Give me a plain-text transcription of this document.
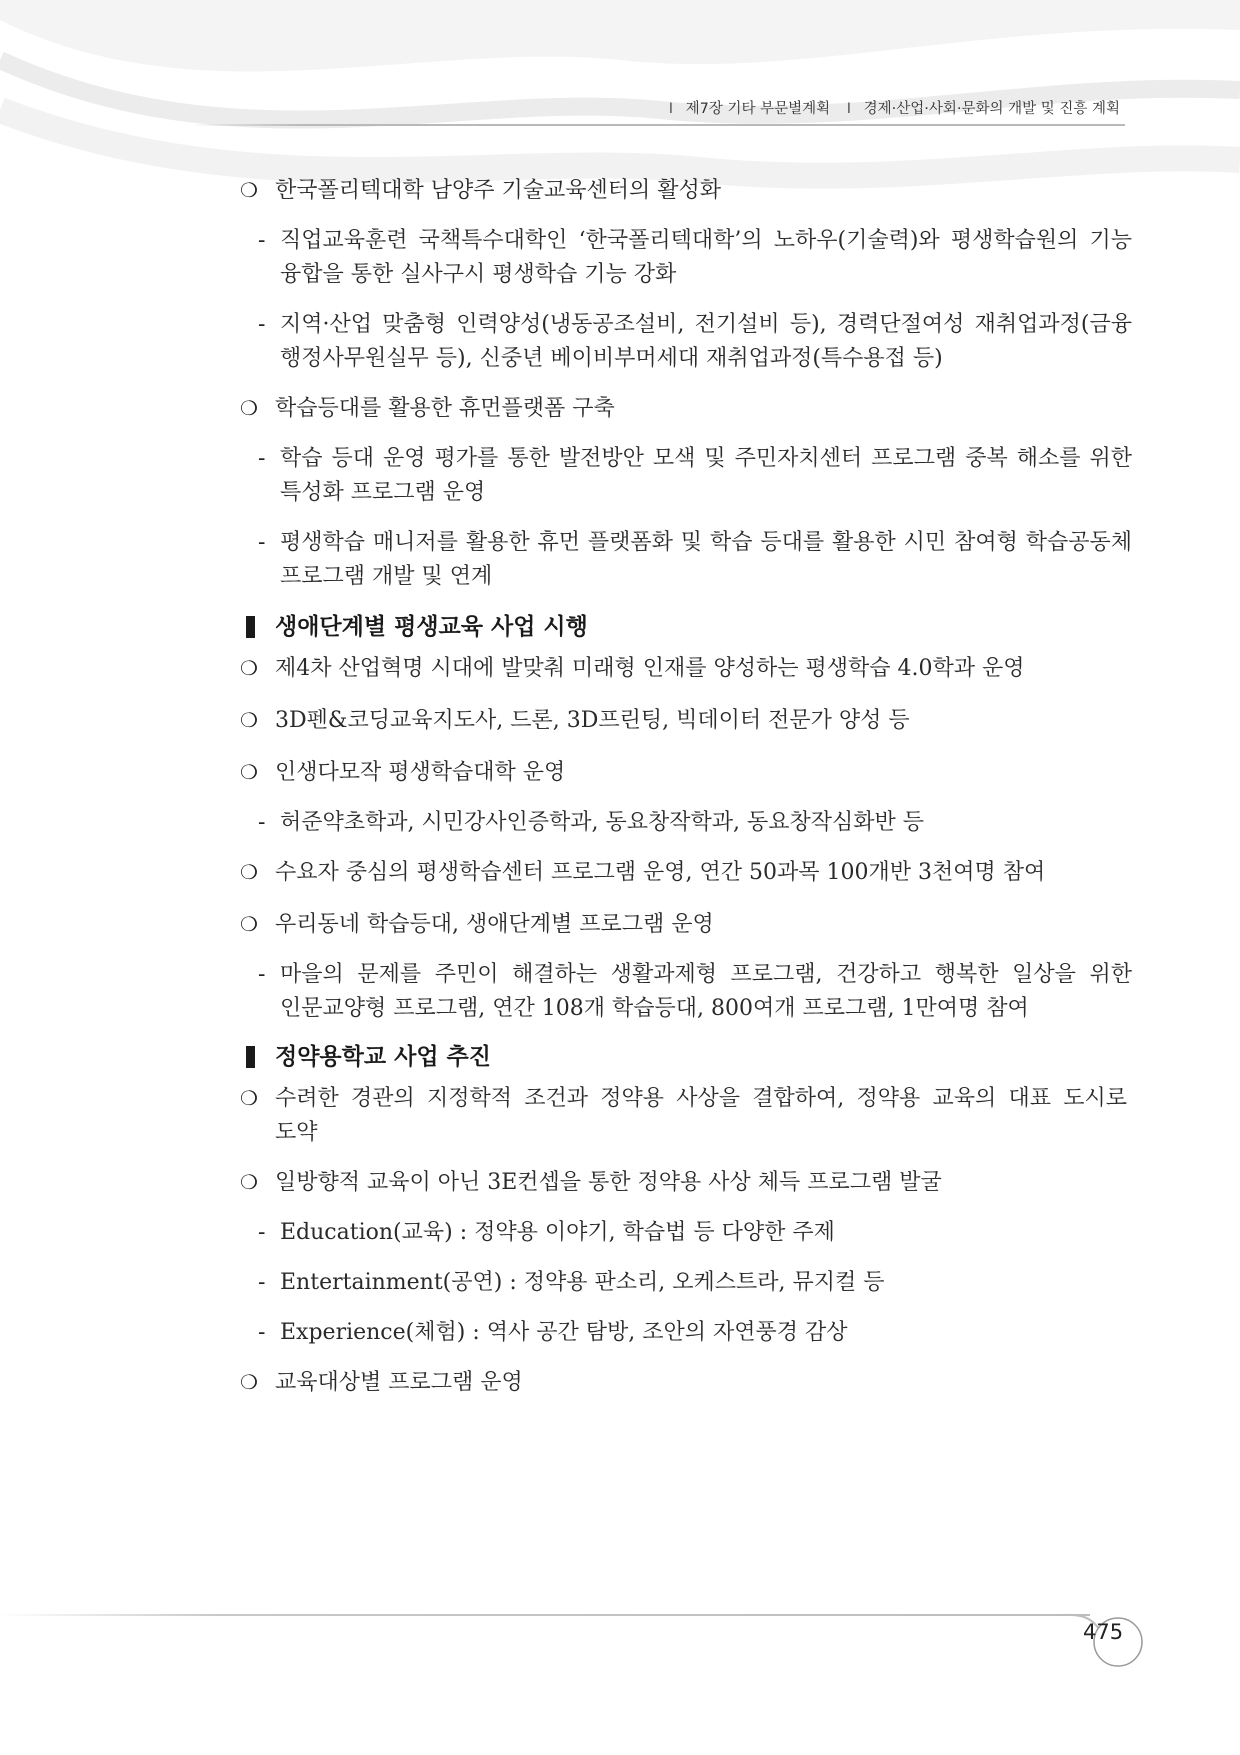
I 제7장 기타 부문별계획 I 경제·산업·사회·문화의 개발 및 진흥 계획
❍ 한국폴리텍대학 남양주 기술교육센터의 활성화
- 직업교육훈련 국책특수대학인 ‘한국폴리텍대학’의 노하우(기술력)와 평생학습원의 기능
융합을 통한 실사구시 평생학습 기능 강화
- 지역·산업 맞춤형 인력양성(냉동공조설비, 전기설비 등), 경력단절여성 재취업과정(금융
행정사무원실무 등), 신중년 베이비부머세대 재취업과정(특수용접 등)
❍ 학습등대를 활용한 휴먼플랫폼 구축
- 학습 등대 운영 평가를 통한 발전방안 모색 및 주민자치센터 프로그램 중복 해소를 위한
특성화 프로그램 운영
- 평생학습 매니저를 활용한 휴먼 플랫폼화 및 학습 등대를 활용한 시민 참여형 학습공동체
프로그램 개발 및 연계
생애단계별 평생교육 사업 시행
❍ 제4차 산업혁명 시대에 발맞춰 미래형 인재를 양성하는 평생학습 4.0학과 운영
❍ 3D펜&코딩교육지도사, 드론, 3D프린팅, 빅데이터 전문가 양성 등
❍ 인생다모작 평생학습대학 운영
- 허준약초학과, 시민강사인증학과, 동요창작학과, 동요창작심화반 등
❍ 수요자 중심의 평생학습센터 프로그램 운영, 연간 50과목 100개반 3천여명 참여
❍ 우리동네 학습등대, 생애단계별 프로그램 운영
- 마을의 문제를 주민이 해결하는 생활과제형 프로그램, 건강하고 행복한 일상을 위한
인문교양형 프로그램, 연간 108개 학습등대, 800여개 프로그램, 1만여명 참여
정약용학교 사업 추진
❍ 수려한 경관의 지정학적 조건과 정약용 사상을 결합하여, 정약용 교육의 대표 도시로
도약
❍ 일방향적 교육이 아닌 3E컨셉을 통한 정약용 사상 체득 프로그램 발굴
- Education(교육) : 정약용 이야기, 학습법 등 다양한 주제
- Entertainment(공연) : 정약용 판소리, 오케스트라, 뮤지컬 등
- Experience(체험) : 역사 공간 탐방, 조안의 자연풍경 감상
❍ 교육대상별 프로그램 운영
475
